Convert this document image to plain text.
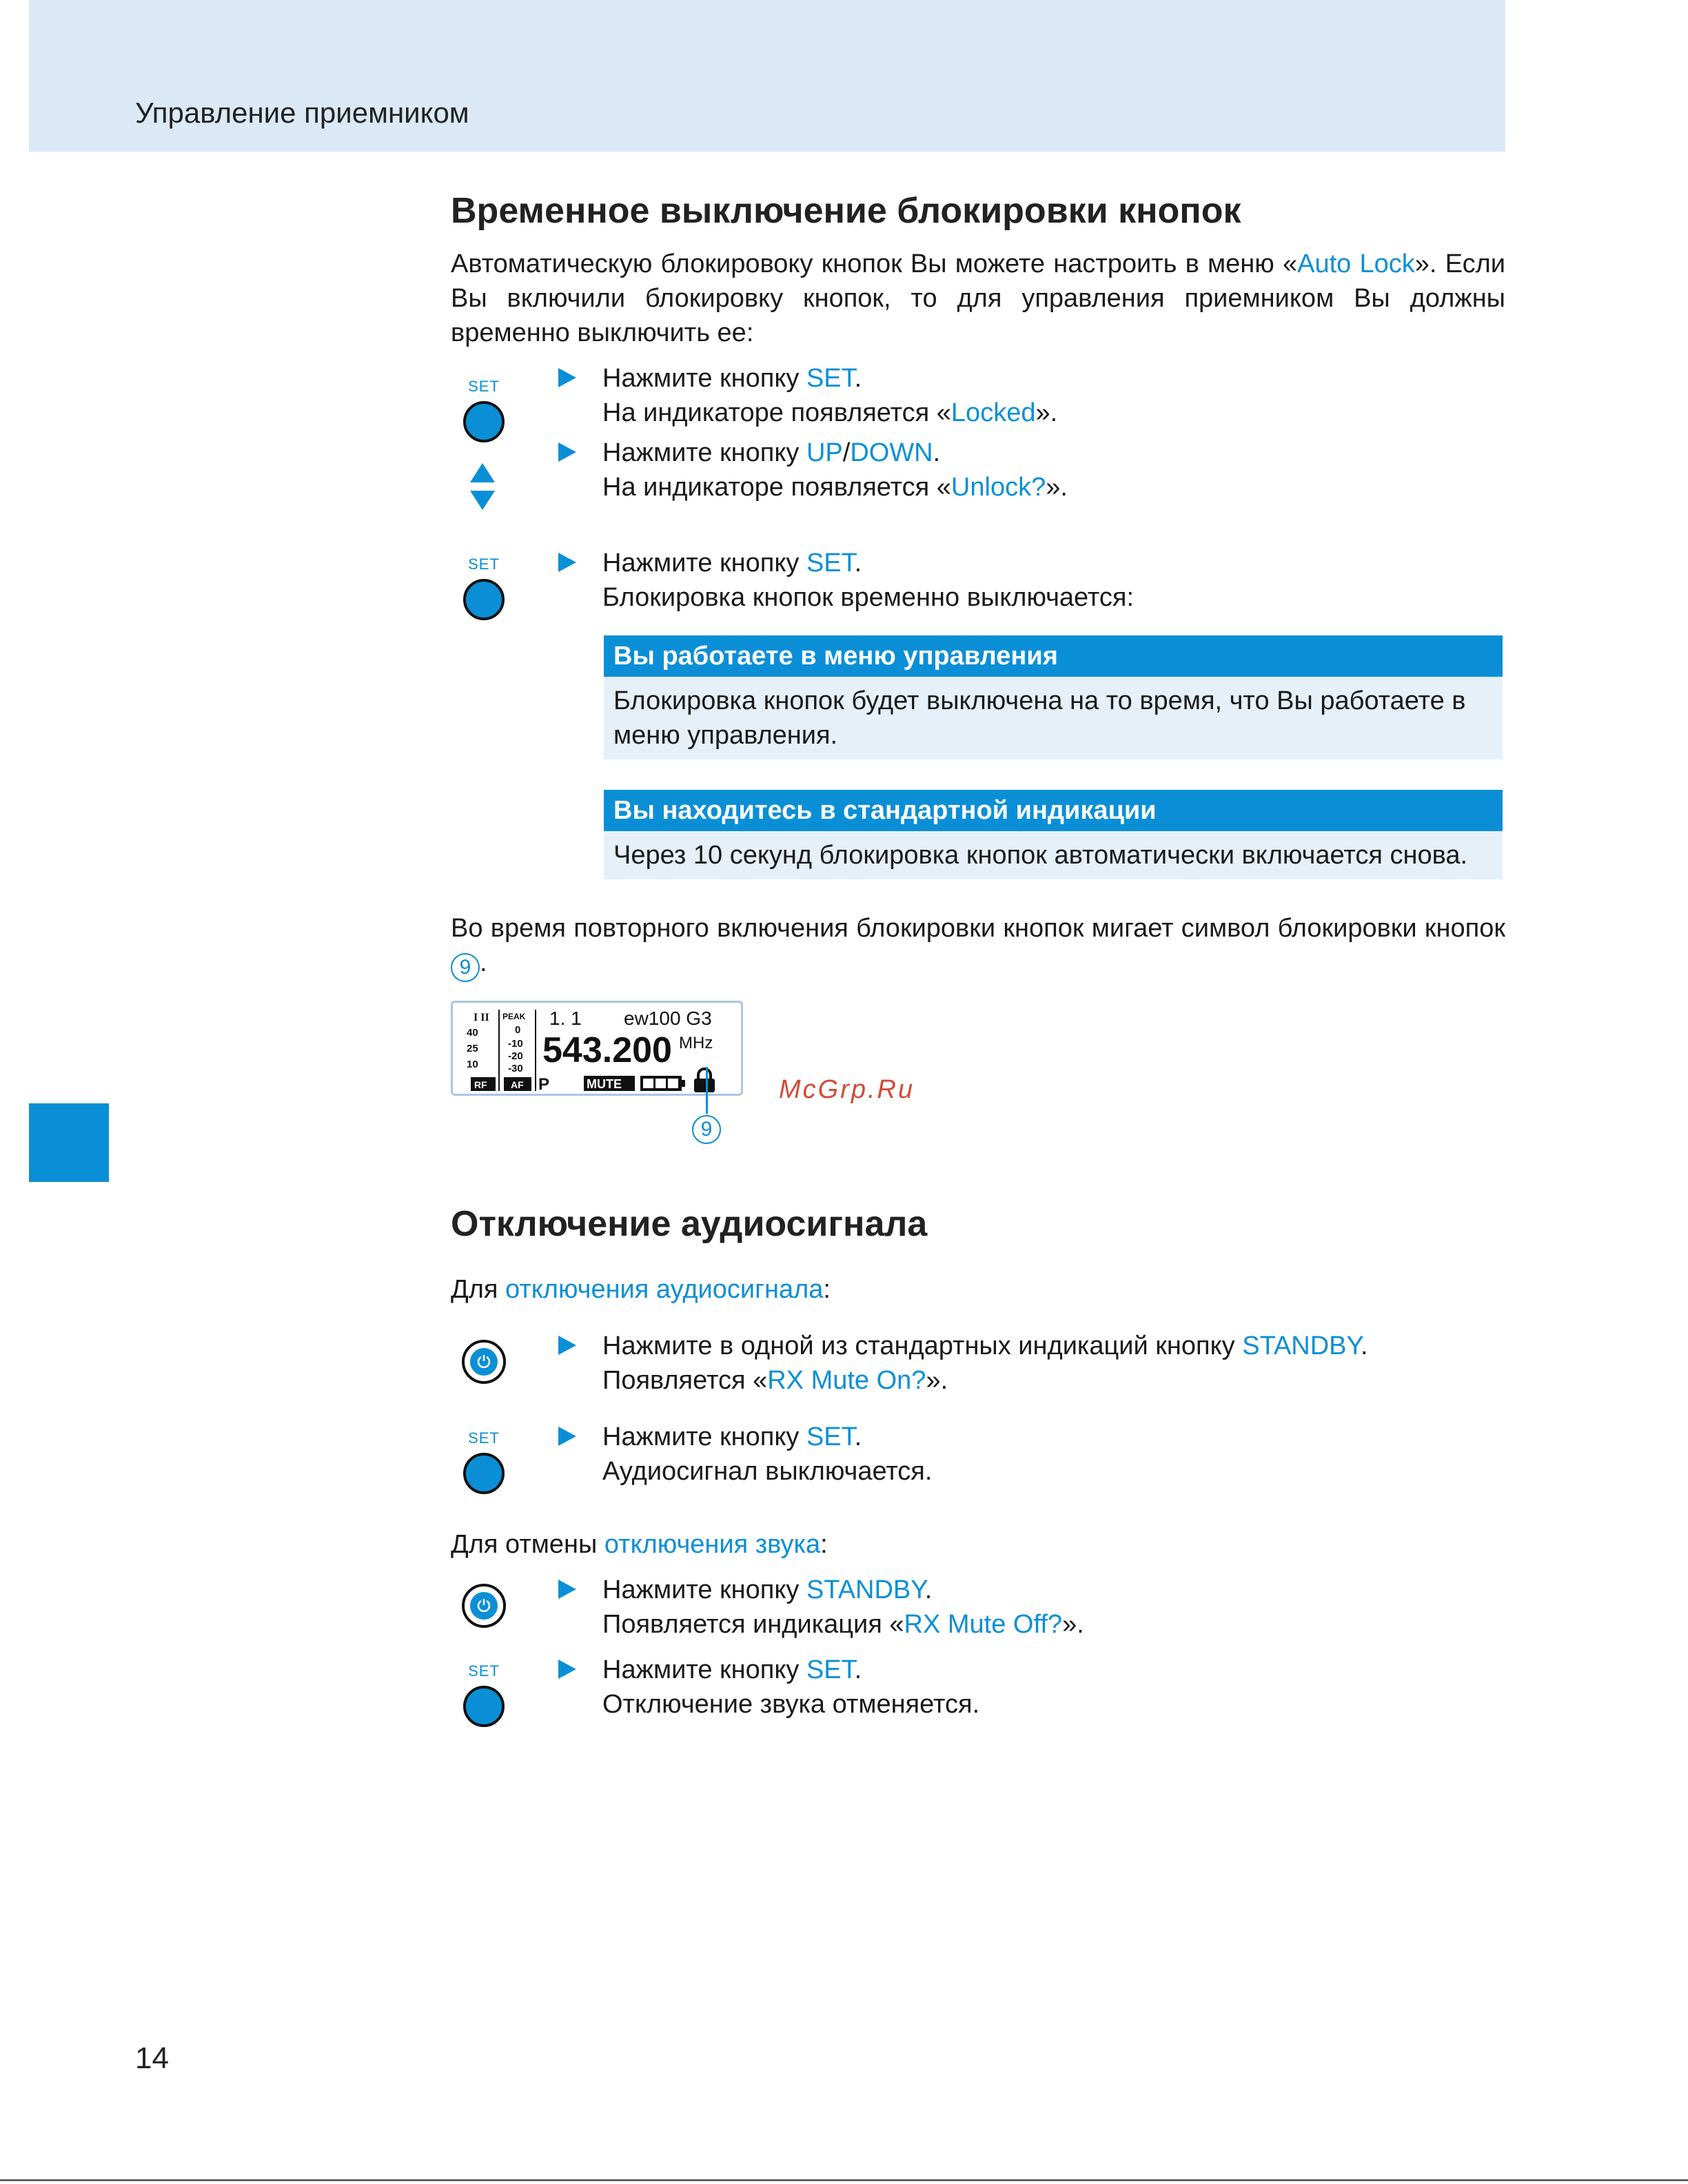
Управление приемником
Временное выключение блокировки кнопок
Автоматическую блокировоку кнопок Вы можете настроить в меню «Auto Lock». Если Вы включили блокировку кнопок, то для управления приемником Вы должны временно выключить ее:
SET	Нажмите кнопку SET.
На индикаторе появляется «Locked».
Нажмите кнопку UP/DOWN.
На индикаторе появляется «Unlock?».
SET	Нажмите кнопку SET.
Блокировка кнопок временно выключается:
Вы работаете в меню управления
Блокировка кнопок будет выключена на то время, что Вы работаете в меню управления.
Вы находитесь в стандартной индикации
Через 10 секунд блокировка кнопок автоматически включается снова.
Во время повторного включения блокировки кнопок мигает символ блокировки кнопок 9 .
I II
40
25
10
RF
PEAK
0
-10
-20
-30
AF P
1. 1 ew100 G3
543.200 MHz
MUTE
9
McGrp.Ru
Отключение аудиосигнала
Для отключения аудиосигнала:
Нажмите в одной из стандартных индикаций кнопку STANDBY.
Появляется «RX Mute On?».
SET	Нажмите кнопку SET.
Аудиосигнал выключается.
Для отмены отключения звука:
Нажмите кнопку STANDBY.
Появляется индикация «RX Mute Off?».
SET	Нажмите кнопку SET.
Отключение звука отменяется.
14
